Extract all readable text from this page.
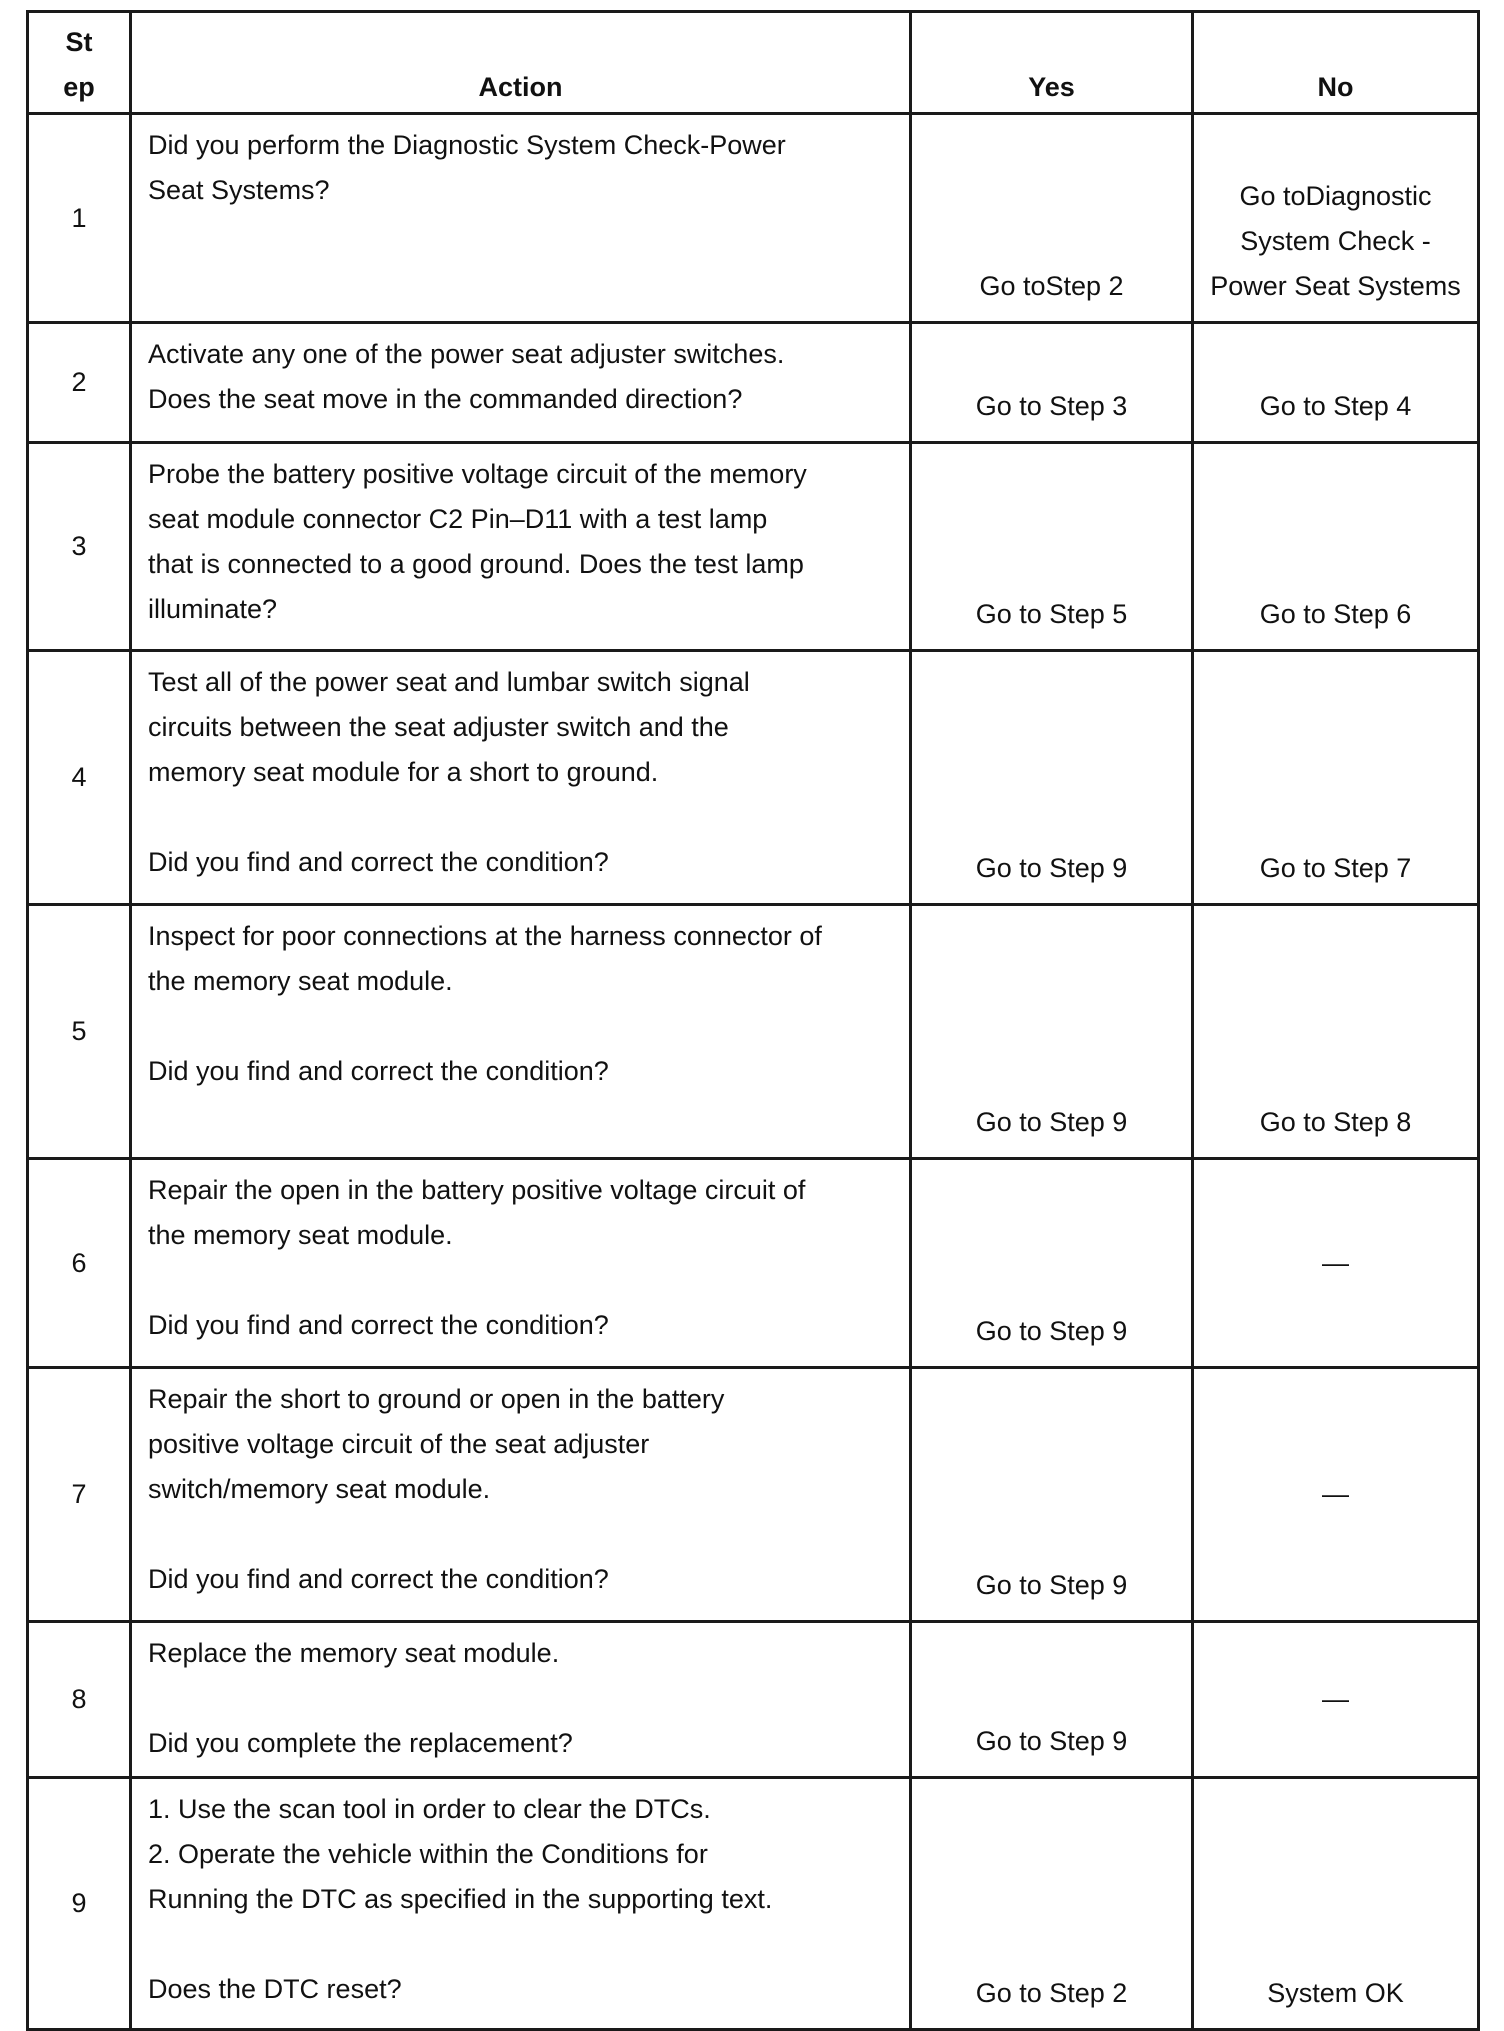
St
ep	Action	Yes	No
1	Did you perform the Diagnostic System Check-Power
Seat Systems?	Go toStep 2	Go toDiagnostic System Check - Power Seat Systems
2	Activate any one of the power seat adjuster switches.
Does the seat move in the commanded direction?	Go to Step 3	Go to Step 4
3	Probe the battery positive voltage circuit of the memory
seat module connector C2 Pin–D11 with a test lamp
that is connected to a good ground. Does the test lamp
illuminate?	Go to Step 5	Go to Step 6
4	Test all of the power seat and lumbar switch signal
circuits between the seat adjuster switch and the
memory seat module for a short to ground.
Did you find and correct the condition?	Go to Step 9	Go to Step 7
5	Inspect for poor connections at the harness connector of
the memory seat module.
Did you find and correct the condition?	Go to Step 9	Go to Step 8
6	Repair the open in the battery positive voltage circuit of
the memory seat module.
Did you find and correct the condition?	Go to Step 9	—
7	Repair the short to ground or open in the battery
positive voltage circuit of the seat adjuster
switch/memory seat module.
Did you find and correct the condition?	Go to Step 9	—
8	Replace the memory seat module.
Did you complete the replacement?	Go to Step 9	—
9	1. Use the scan tool in order to clear the DTCs.
2. Operate the vehicle within the Conditions for
Running the DTC as specified in the supporting text.
Does the DTC reset?	Go to Step 2	System OK
